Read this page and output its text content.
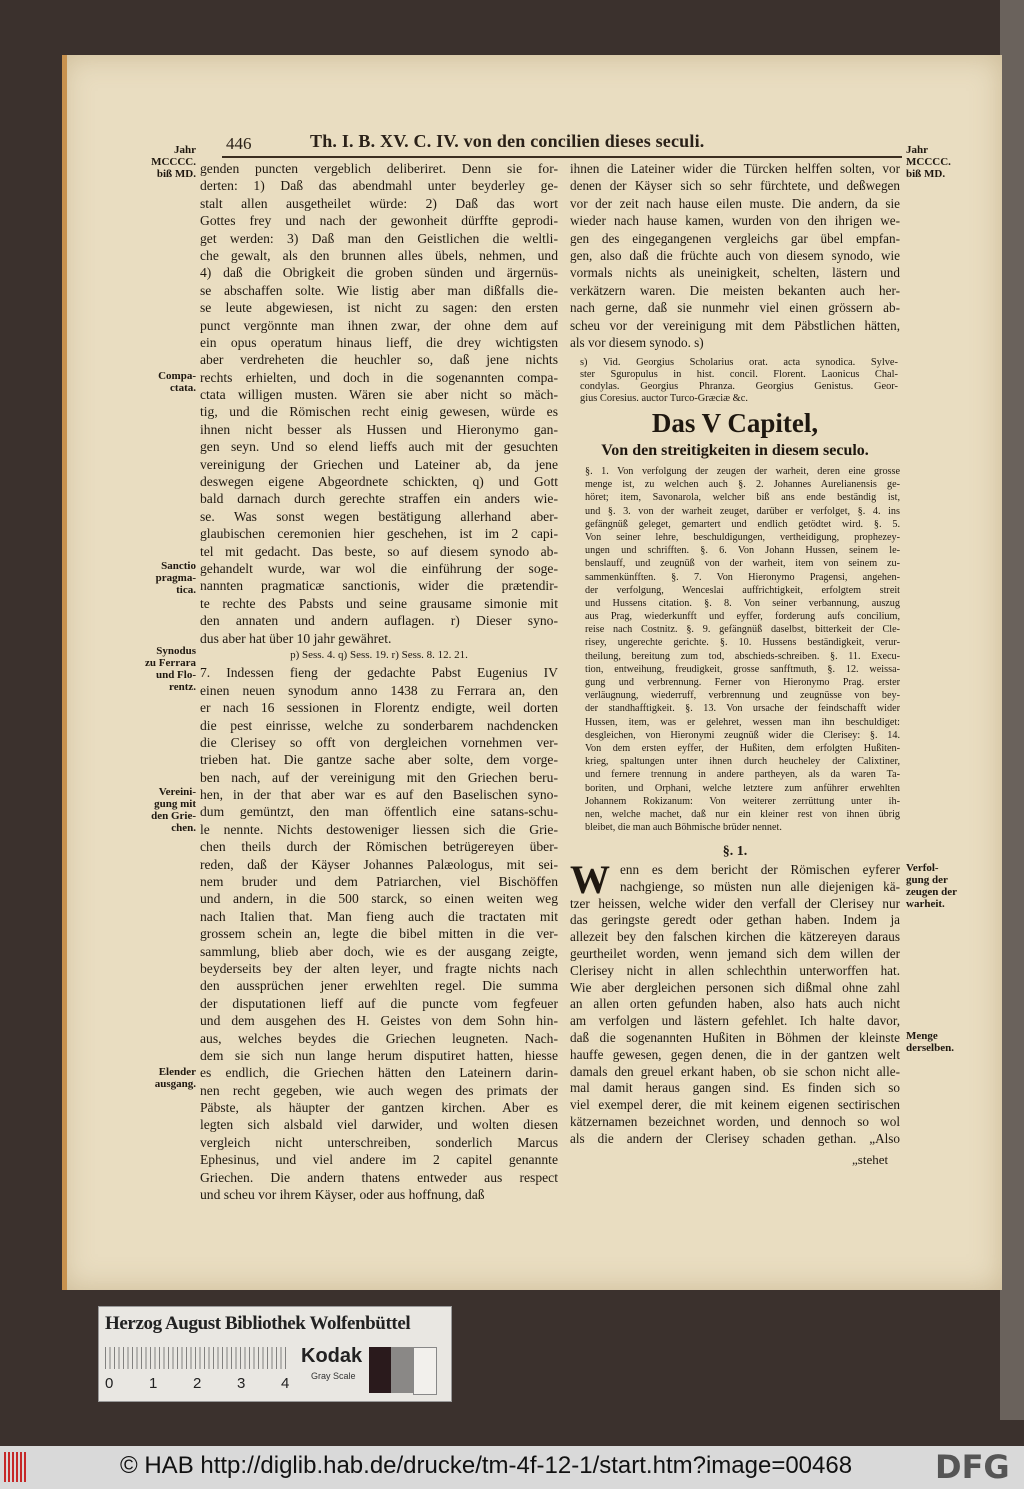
446	Th. I. B. XV. C. IV. von den concilien dieses seculi.
genden puncten vergeblich deliberiret. Denn sie for-
derten: 1) Daß das abendmahl unter beyderley ge-
stalt allen ausgetheilet würde: 2) Daß das wort
Gottes frey und nach der gewonheit dürffte geprodi-
get werden: 3) Daß man den Geistlichen die weltli-
che gewalt, als den brunnen alles übels, nehmen, und
4) daß die Obrigkeit die groben sünden und ärgernüs-
se abschaffen solte. Wie listig aber man dißfalls die-
se leute abgewiesen, ist nicht zu sagen: den ersten
punct vergönnte man ihnen zwar, der ohne dem auf
ein opus operatum hinaus lieff, die drey wichtigsten
aber verdreheten die heuchler so, daß jene nichts
rechts erhielten, und doch in die sogenannten compa-
ctata willigen musten. Wären sie aber nicht so mäch-
tig, und die Römischen recht einig gewesen, würde es
ihnen nicht besser als Hussen und Hieronymo gan-
gen seyn. Und so elend lieffs auch mit der gesuchten
vereinigung der Griechen und Lateiner ab, da jene
deswegen eigene Abgeordnete schickten, q) und Gott
bald darnach durch gerechte straffen ein anders wie-
se. Was sonst wegen bestätigung allerhand aber-
glaubischen ceremonien hier geschehen, ist im 2 capi-
tel mit gedacht. Das beste, so auf diesem synodo ab-
gehandelt wurde, war wol die einführung der soge-
nannten pragmaticæ sanctionis, wider die prætendir-
te rechte des Pabsts und seine grausame simonie mit
den annaten und andern auflagen. r) Dieser syno-
dus aber hat über 10 jahr gewähret.
p) Sess. 4. q) Sess. 19. r) Sess. 8. 12. 21.
7. Indessen fieng der gedachte Pabst Eugenius IV
einen neuen synodum anno 1438 zu Ferrara an, den
er nach 16 sessionen in Florentz endigte, weil dorten
die pest einrisse, welche zu sonderbarem nachdencken
die Clerisey so offt von dergleichen vornehmen ver-
trieben hat. Die gantze sache aber solte, dem vorge-
ben nach, auf der vereinigung mit den Griechen beru-
hen, in der that aber war es auf den Baselischen syno-
dum gemüntzt, den man öffentlich eine satans-schu-
le nennte. Nichts destoweniger liessen sich die Grie-
chen theils durch der Römischen betrügereyen über-
reden, daß der Käyser Johannes Palæologus, mit sei-
nem bruder und dem Patriarchen, viel Bischöffen
und andern, in die 500 starck, so einen weiten weg
nach Italien that. Man fieng auch die tractaten mit
grossem schein an, legte die bibel mitten in die ver-
sammlung, blieb aber doch, wie es der ausgang zeigte,
beyderseits bey der alten leyer, und fragte nichts nach
den aussprüchen jener erwehlten regel. Die summa
der disputationen lieff auf die puncte vom fegfeuer
und dem ausgehen des H. Geistes von dem Sohn hin-
aus, welches beydes die Griechen leugneten. Nach-
dem sie sich nun lange herum disputiret hatten, hiesse
es endlich, die Griechen hätten den Lateinern darin-
nen recht gegeben, wie auch wegen des primats der
Päbste, als häupter der gantzen kirchen. Aber es
legten sich alsbald viel darwider, und wolten diesen
vergleich nicht unterschreiben, sonderlich Marcus
Ephesinus, und viel andere im 2 capitel genannte
Griechen. Die andern thatens entweder aus respect
und scheu vor ihrem Käyser, oder aus hoffnung, daß
Jahr
MCCCC.
biß MD.
Compa-
ctata.
Sanctio
pragma-
tica.
Synodus
zu Ferrara
und Flo-
rentz.
Vereini-
gung mit
den Grie-
chen.
Elender
ausgang.
ihnen die Lateiner wider die Türcken helffen solten, vor
denen der Käyser sich so sehr fürchtete, und deßwegen
vor der zeit nach hause eilen muste. Die andern, da sie
wieder nach hause kamen, wurden von den ihrigen we-
gen des eingegangenen vergleichs gar übel empfan-
gen, also daß die früchte auch von diesem synodo, wie
vormals nichts als uneinigkeit, schelten, lästern und
verkätzern waren. Die meisten bekanten auch her-
nach gerne, daß sie nunmehr viel einen grössern ab-
scheu vor der vereinigung mit dem Päbstlichen hätten,
als vor diesem synodo. s)
s) Vid. Georgius Scholarius orat. acta synodica. Sylve-
ster Sguropulus in hist. concil. Florent. Laonicus Chal-
condylas. Georgius Phranza. Georgius Genistus. Geor-
gius Coresius. auctor Turco-Græciæ &c.
Das V Capitel,
Von den streitigkeiten in diesem seculo.
§. 1. Von verfolgung der zeugen der warheit, deren eine grosse
menge ist, zu welchen auch §. 2. Johannes Aurelianensis ge-
höret; item, Savonarola, welcher biß ans ende beständig ist,
und §. 3. von der warheit zeuget, darüber er verfolget, §. 4. ins
gefängnüß geleget, gemartert und endlich getödtet wird. §. 5.
Von seiner lehre, beschuldigungen, vertheidigung, prophezey-
ungen und schrifften. §. 6. Von Johann Hussen, seinem le-
benslauff, und zeugnüß von der warheit, item von seinem zu-
sammenkünfften. §. 7. Von Hieronymo Pragensi, angehen-
der verfolgung, Wenceslai auffrichtigkeit, erfolgtem streit
und Hussens citation. §. 8. Von seiner verbannung, auszug
aus Prag, wiederkunfft und eyffer, forderung aufs concilium,
reise nach Costnitz. §. 9. gefängnüß daselbst, bitterkeit der Cle-
risey, ungerechte gerichte. §. 10. Hussens beständigkeit, verur-
theilung, bereitung zum tod, abschieds-schreiben. §. 11. Execu-
tion, entweihung, freudigkeit, grosse sanfftmuth, §. 12. weissa-
gung und verbrennung. Ferner von Hieronymo Prag. erster
verläugnung, wiederruff, verbrennung und zeugnüsse von bey-
der standhafftigkeit. §. 13. Von ursache der feindschafft wider
Hussen, item, was er gelehret, wessen man ihn beschuldiget:
desgleichen, von Hieronymi zeugnüß wider die Clerisey: §. 14.
Von dem ersten eyffer, der Hußiten, dem erfolgten Hußiten-
krieg, spaltungen unter ihnen durch heucheley der Calixtiner,
und fernere trennung in andere partheyen, als da waren Ta-
boriten, und Orphani, welche letztere zum anführer erwehlten
Johannem Rokizanum: Von weiterer zerrüttung unter ih-
nen, welche machet, daß nur ein kleiner rest von ihnen übrig
bleibet, die man auch Böhmische brüder nennet.
§. 1.
W enn es dem bericht der Römischen eyferer
nachgienge, so müsten nun alle diejenigen kä-
tzer heissen, welche wider den verfall der Clerisey nur
das geringste geredt oder gethan haben. Indem ja
allezeit bey den falschen kirchen die kätzereyen daraus
geurtheilet worden, wenn jemand sich dem willen der
Clerisey nicht in allen schlechthin unterworffen hat.
Wie aber dergleichen personen sich dißmal ohne zahl
an allen orten gefunden haben, also hats auch nicht
am verfolgen und lästern gefehlet. Ich halte davor,
daß die sogenannten Hußiten in Böhmen der kleinste
hauffe gewesen, gegen denen, die in der gantzen welt
damals den greuel erkant haben, ob sie schon nicht alle-
mal damit heraus gangen sind. Es finden sich so
viel exempel derer, die mit keinem eigenen sectirischen
kätzernamen bezeichnet worden, und dennoch so wol
als die andern der Clerisey schaden gethan. „Also
„stehet
Jahr
MCCCC.
biß MD.
Verfol-
gung der
zeugen der
warheit.
Menge
derselben.
Herzog August Bibliothek Wolfenbüttel
0 1 2 3 4
Kodak
Gray Scale
© HAB http://diglib.hab.de/drucke/tm-4f-12-1/start.htm?image=00468	DFG
